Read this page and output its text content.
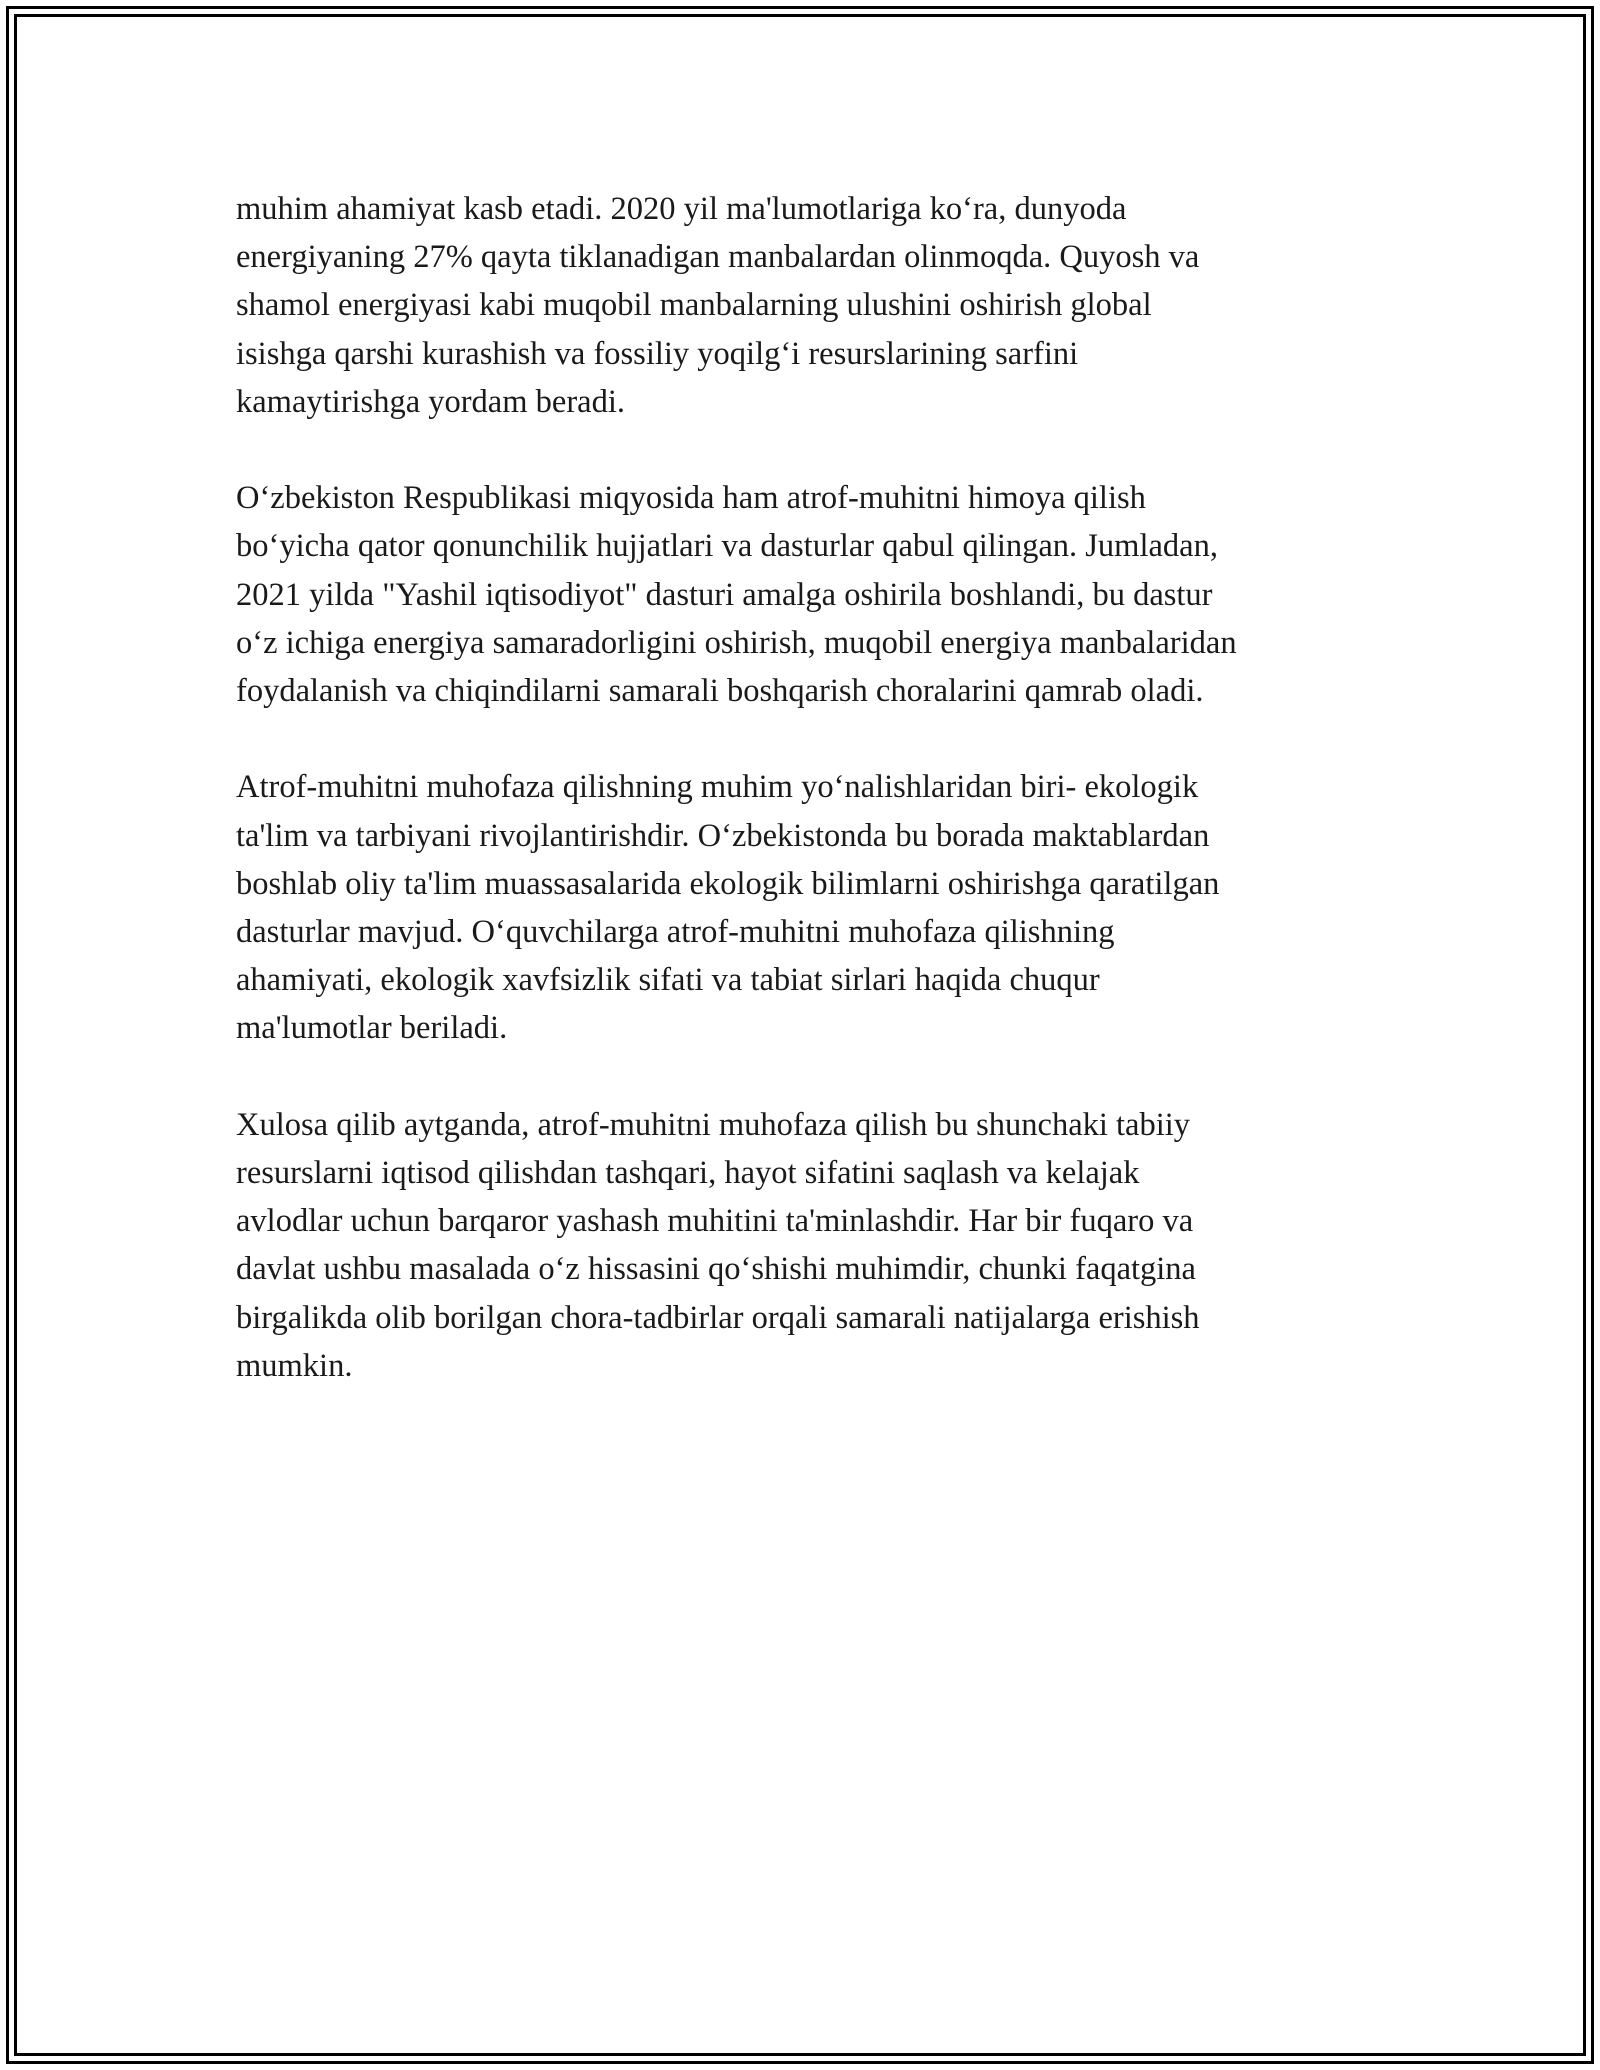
muhim ahamiyat kasb etadi. 2020 yil ma'lumotlariga ko‘ra, dunyoda
energiyaning 27% qayta tiklanadigan manbalardan olinmoqda. Quyosh va
shamol energiyasi kabi muqobil manbalarning ulushini oshirish global
isishga qarshi kurashish va fossiliy yoqilg‘i resurslarining sarfini
kamaytirishga yordam beradi.

O‘zbekiston Respublikasi miqyosida ham atrof-muhitni himoya qilish
bo‘yicha qator qonunchilik hujjatlari va dasturlar qabul qilingan. Jumladan,
2021 yilda "Yashil iqtisodiyot" dasturi amalga oshirila boshlandi, bu dastur
o‘z ichiga energiya samaradorligini oshirish, muqobil energiya manbalaridan
foydalanish va chiqindilarni samarali boshqarish choralarini qamrab oladi.

Atrof-muhitni muhofaza qilishning muhim yo‘nalishlaridan biri- ekologik
ta'lim va tarbiyani rivojlantirishdir. O‘zbekistonda bu borada maktablardan
boshlab oliy ta'lim muassasalarida ekologik bilimlarni oshirishga qaratilgan
dasturlar mavjud. O‘quvchilarga atrof-muhitni muhofaza qilishning
ahamiyati, ekologik xavfsizlik sifati va tabiat sirlari haqida chuqur
ma'lumotlar beriladi.

Xulosa qilib aytganda, atrof-muhitni muhofaza qilish bu shunchaki tabiiy
resurslarni iqtisod qilishdan tashqari, hayot sifatini saqlash va kelajak
avlodlar uchun barqaror yashash muhitini ta'minlashdir. Har bir fuqaro va
davlat ushbu masalada o‘z hissasini qo‘shishi muhimdir, chunki faqatgina
birgalikda olib borilgan chora-tadbirlar orqali samarali natijalarga erishish
mumkin.
